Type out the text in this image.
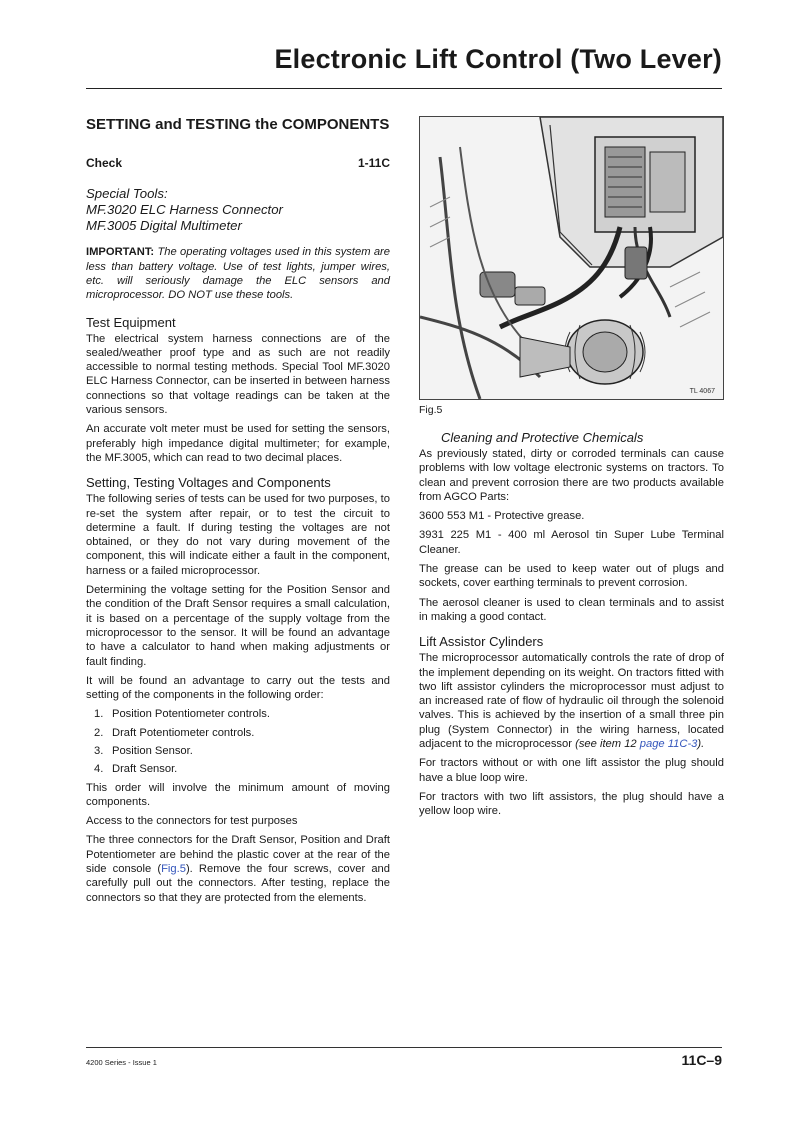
Electronic Lift Control (Two Lever)

SETTING and TESTING the COMPONENTS

Check	1-11C
Special Tools:
MF.3020 ELC Harness Connector
MF.3005 Digital Multimeter

IMPORTANT: The operating voltages used in this system are less than battery voltage. Use of test lights, jumper wires, etc. will seriously damage the ELC sensors and microprocessor. DO NOT use these tools.

Test Equipment

The electrical system harness connections are of the sealed/weather proof type and as such are not readily accessible to normal testing methods. Special Tool MF.3020 ELC Harness Connector, can be inserted in between harness connections so that voltage readings can be taken at the various sensors.

An accurate volt meter must be used for setting the sensors, preferably high impedance digital multimeter; for example, the MF.3005, which can read to two decimal places.

Setting, Testing Voltages and Components

The following series of tests can be used for two purposes, to re-set the system after repair, or to test the circuit to determine a fault. If during testing the voltages are not obtained, or they do not vary during movement of the component, this will indicate either a fault in the component, harness or a failed microprocessor.

Determining the voltage setting for the Position Sensor and the condition of the Draft Sensor requires a small calculation, it is based on a percentage of the supply voltage from the microprocessor to the sensor. It will be found an advantage to have a calculator to hand when making adjustments or fault finding.

It will be found an advantage to carry out the tests and setting of the components in the following order:

1. Position Potentiometer controls.
2. Draft Potentiometer controls.
3. Position Sensor.
4. Draft Sensor.

This order will involve the minimum amount of moving components.

Access to the connectors for test purposes

The three connectors for the Draft Sensor, Position and Draft Potentiometer are behind the plastic cover at the rear of the side console (Fig.5). Remove the four screws, cover and carefully pull out the connectors. After testing, replace the connectors so that they are protected from the elements.

TL 4067

Fig.5

Cleaning and Protective Chemicals

As previously stated, dirty or corroded terminals can cause problems with low voltage electronic systems on tractors. To clean and prevent corrosion there are two products available from AGCO Parts:

3600 553 M1 - Protective grease.

3931 225 M1 - 400 ml Aerosol tin Super Lube Terminal Cleaner.

The grease can be used to keep water out of plugs and sockets, cover earthing terminals to prevent corrosion.

The aerosol cleaner is used to clean terminals and to assist in making a good contact.

Lift Assistor Cylinders

The microprocessor automatically controls the rate of drop of the implement depending on its weight. On tractors fitted with two lift assistor cylinders the microprocessor must adjust to an increased rate of flow of hydraulic oil through the solenoid valves. This is achieved by the insertion of a small three pin plug (System Connector) in the wiring harness, located adjacent to the microprocessor (see item 12 page 11C-3).

For tractors without or with one lift assistor the plug should have a blue loop wire.

For tractors with two lift assistors, the plug should have a yellow loop wire.

4200 Series - Issue 1	11C–9
